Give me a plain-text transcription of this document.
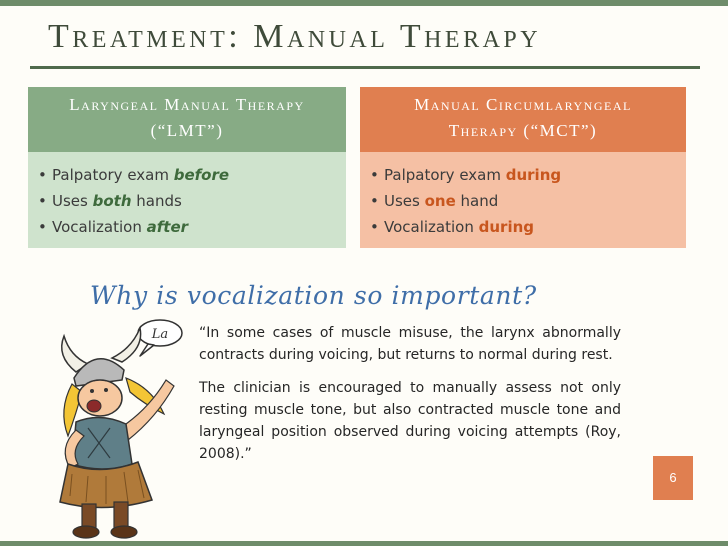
Treatment: Manual Therapy
Laryngeal Manual Therapy
(“LMT”)
• Palpatory exam before
• Uses both hands
• Vocalization after
Manual Circumlaryngeal
Therapy (“MCT”)
• Palpatory exam during
• Uses one hand
• Vocalization during
Why is vocalization so important?
La “In some cases of muscle misuse, the larynx abnormally contracts during voicing, but returns to normal during rest.

The clinician is encouraged to manually assess not only resting muscle tone, but also contracted muscle tone and laryngeal position observed during voicing attempts (Roy, 2008).”

6
